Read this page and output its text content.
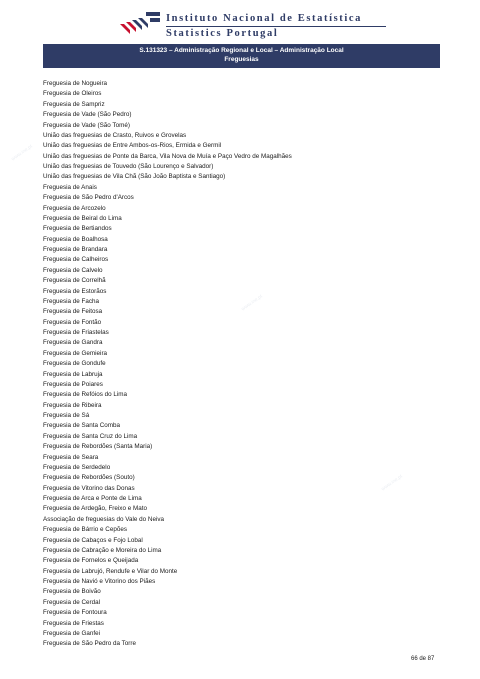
Instituto Nacional de Estatística
Statistics Portugal
S.131323 – Administração Regional e Local – Administração Local
Freguesias
www.ine.pt
www.ine.pt
www.ine.pt
Freguesia de Nogueira
Freguesia de Oleiros
Freguesia de Sampriz
Freguesia de Vade (São Pedro)
Freguesia de Vade (São Tomé)
União das freguesias de Crasto, Ruivos e Grovelas
União das freguesias de Entre Ambos-os-Rios, Ermida e Germil
União das freguesias de Ponte da Barca, Vila Nova de Muía e Paço Vedro de Magalhães
União das freguesias de Touvedo (São Lourenço e Salvador)
União das freguesias de Vila Chã (São João Baptista e Santiago)
Freguesia de Anais
Freguesia de São Pedro d'Arcos
Freguesia de Arcozelo
Freguesia de Beiral do Lima
Freguesia de Bertiandos
Freguesia de Boalhosa
Freguesia de Brandara
Freguesia de Calheiros
Freguesia de Calvelo
Freguesia de Correlhã
Freguesia de Estorãos
Freguesia de Facha
Freguesia de Feitosa
Freguesia de Fontão
Freguesia de Friastelas
Freguesia de Gandra
Freguesia de Gemieira
Freguesia de Gondufe
Freguesia de Labruja
Freguesia de Poiares
Freguesia de Refóios do Lima
Freguesia de Ribeira
Freguesia de Sá
Freguesia de Santa Comba
Freguesia de Santa Cruz do Lima
Freguesia de Rebordões (Santa Maria)
Freguesia de Seara
Freguesia de Serdedelo
Freguesia de Rebordões (Souto)
Freguesia de Vitorino das Donas
Freguesia de Arca e Ponte de Lima
Freguesia de Ardegão, Freixo e Mato
Associação de freguesias do Vale do Neiva
Freguesia de Bárrio e Cepões
Freguesia de Cabaços e Fojo Lobal
Freguesia de Cabração e Moreira do Lima
Freguesia de Fornelos e Queijada
Freguesia de Labrujó, Rendufe e Vilar do Monte
Freguesia de Navió e Vitorino dos Piães
Freguesia de Boivão
Freguesia de Cerdal
Freguesia de Fontoura
Freguesia de Friestas
Freguesia de Ganfei
Freguesia de São Pedro da Torre
66 de 87
